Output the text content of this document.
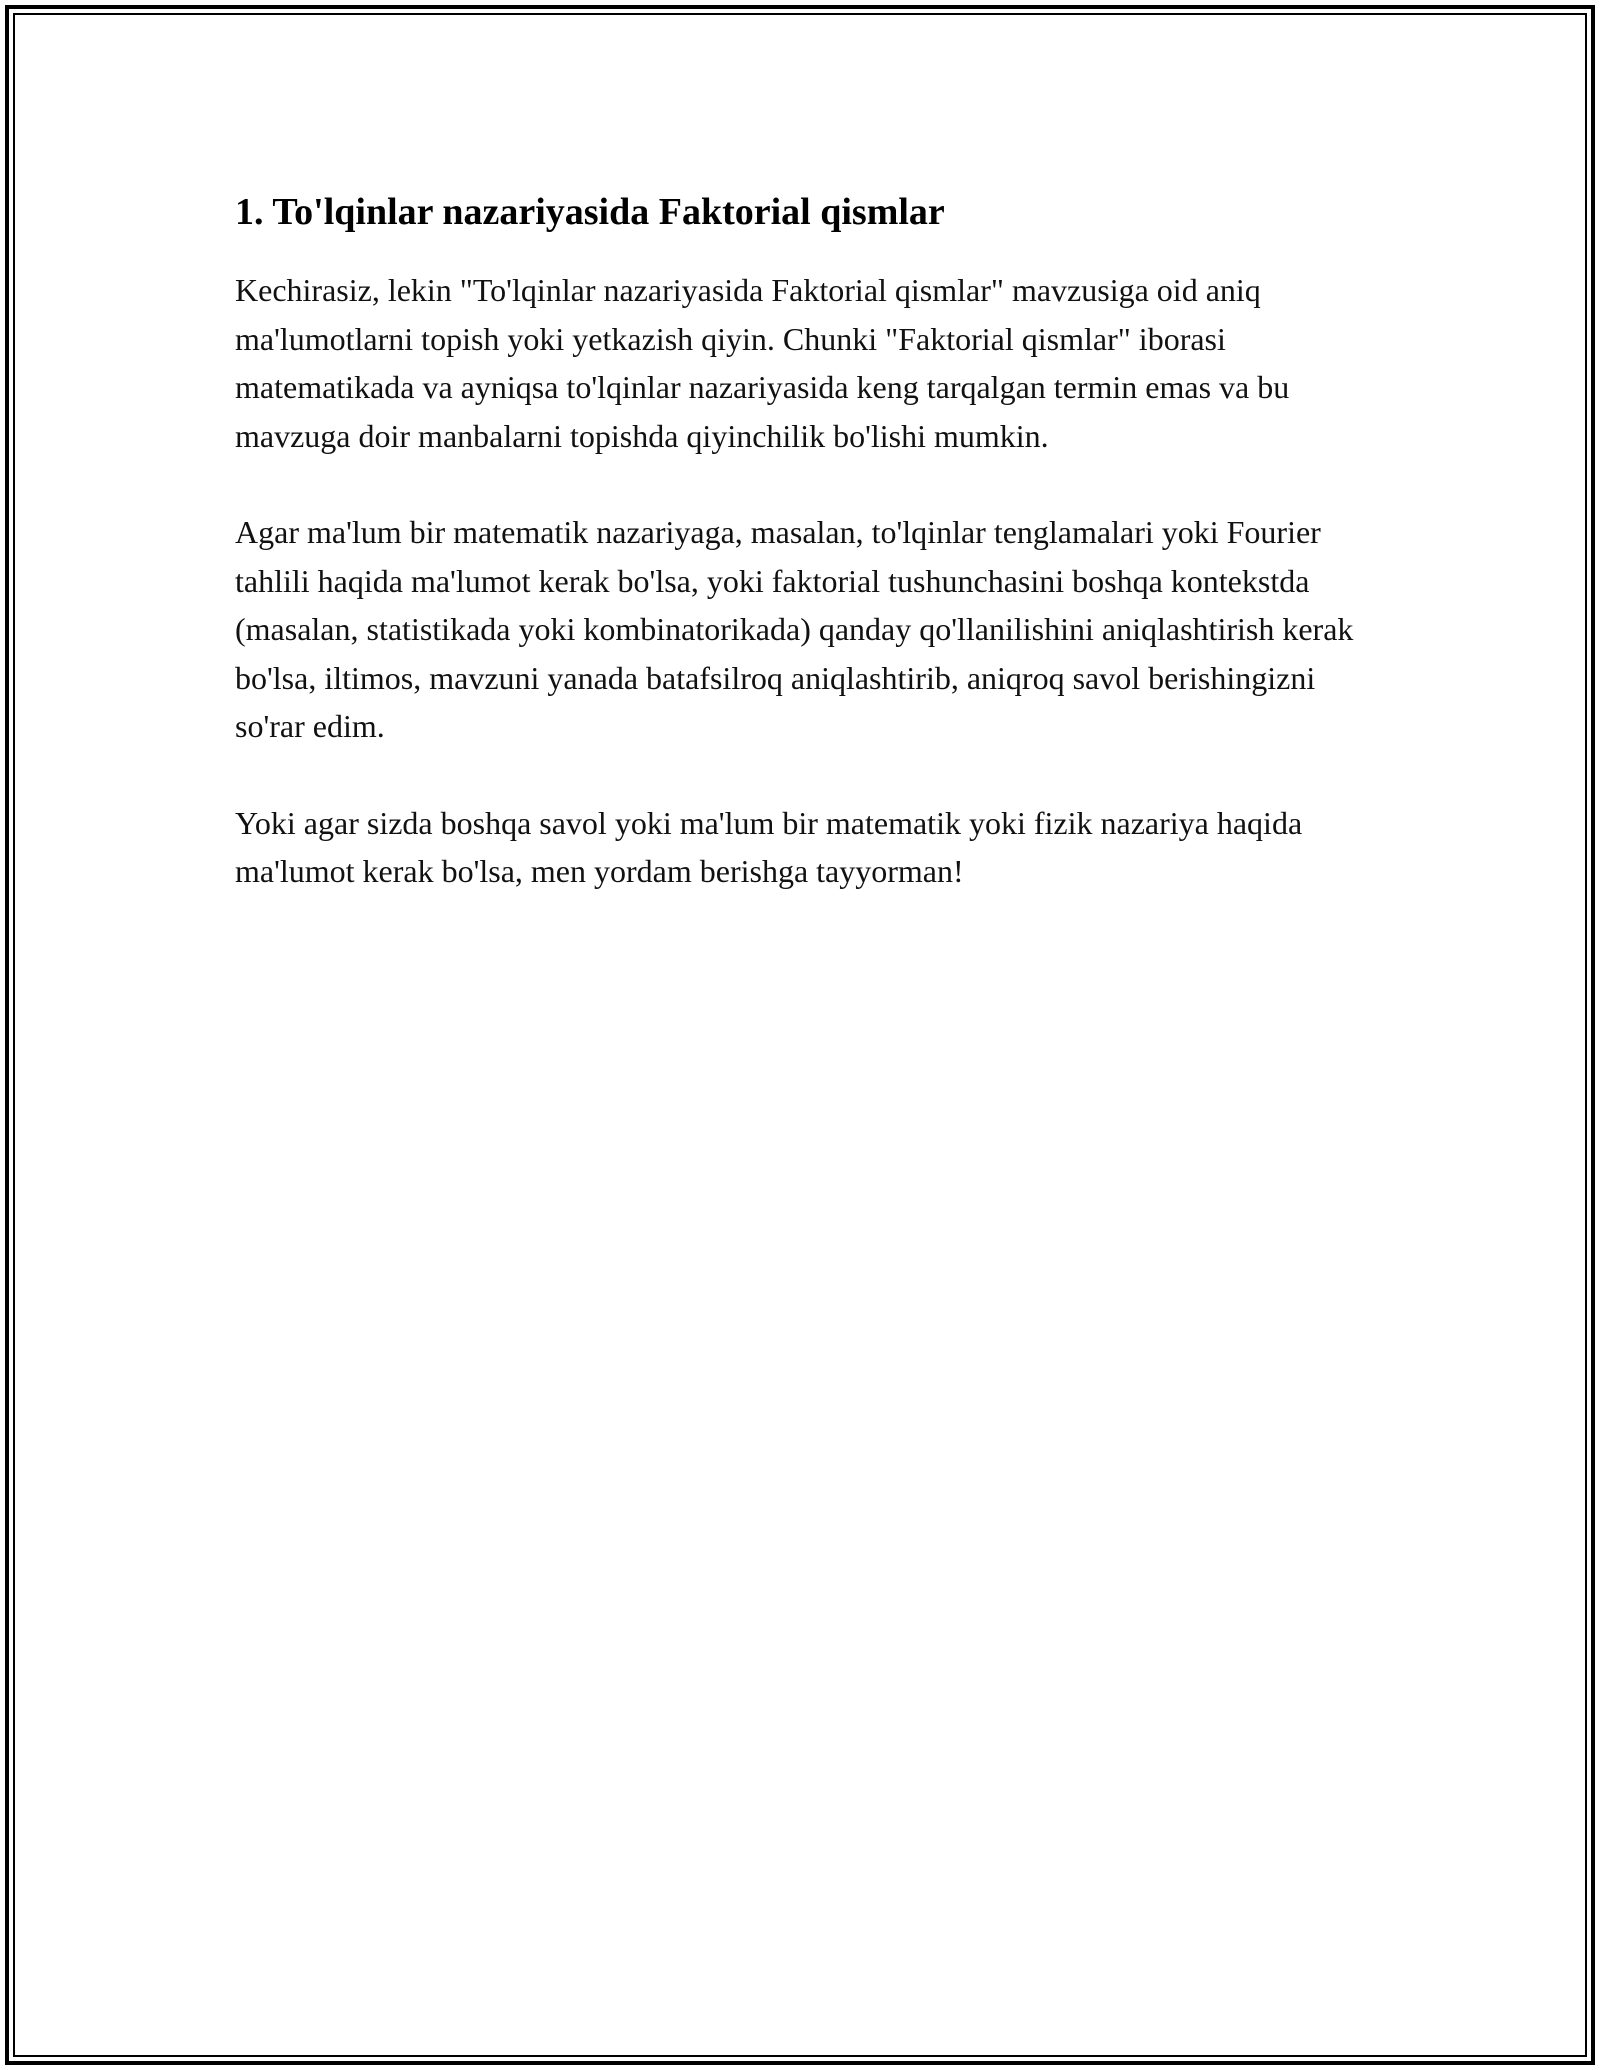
1. To'lqinlar nazariyasida Faktorial qismlar

Kechirasiz, lekin "To'lqinlar nazariyasida Faktorial qismlar" mavzusiga oid aniq ma'lumotlarni topish yoki yetkazish qiyin. Chunki "Faktorial qismlar" iborasi matematikada va ayniqsa to'lqinlar nazariyasida keng tarqalgan termin emas va bu mavzuga doir manbalarni topishda qiyinchilik bo'lishi mumkin.

Agar ma'lum bir matematik nazariyaga, masalan, to'lqinlar tenglamalari yoki Fourier tahlili haqida ma'lumot kerak bo'lsa, yoki faktorial tushunchasini boshqa kontekstda (masalan, statistikada yoki kombinatorikada) qanday qo'llanilishini aniqlashtirish kerak bo'lsa, iltimos, mavzuni yanada batafsilroq aniqlashtirib, aniqroq savol berishingizni so'rar edim.

Yoki agar sizda boshqa savol yoki ma'lum bir matematik yoki fizik nazariya haqida ma'lumot kerak bo'lsa, men yordam berishga tayyorman!
